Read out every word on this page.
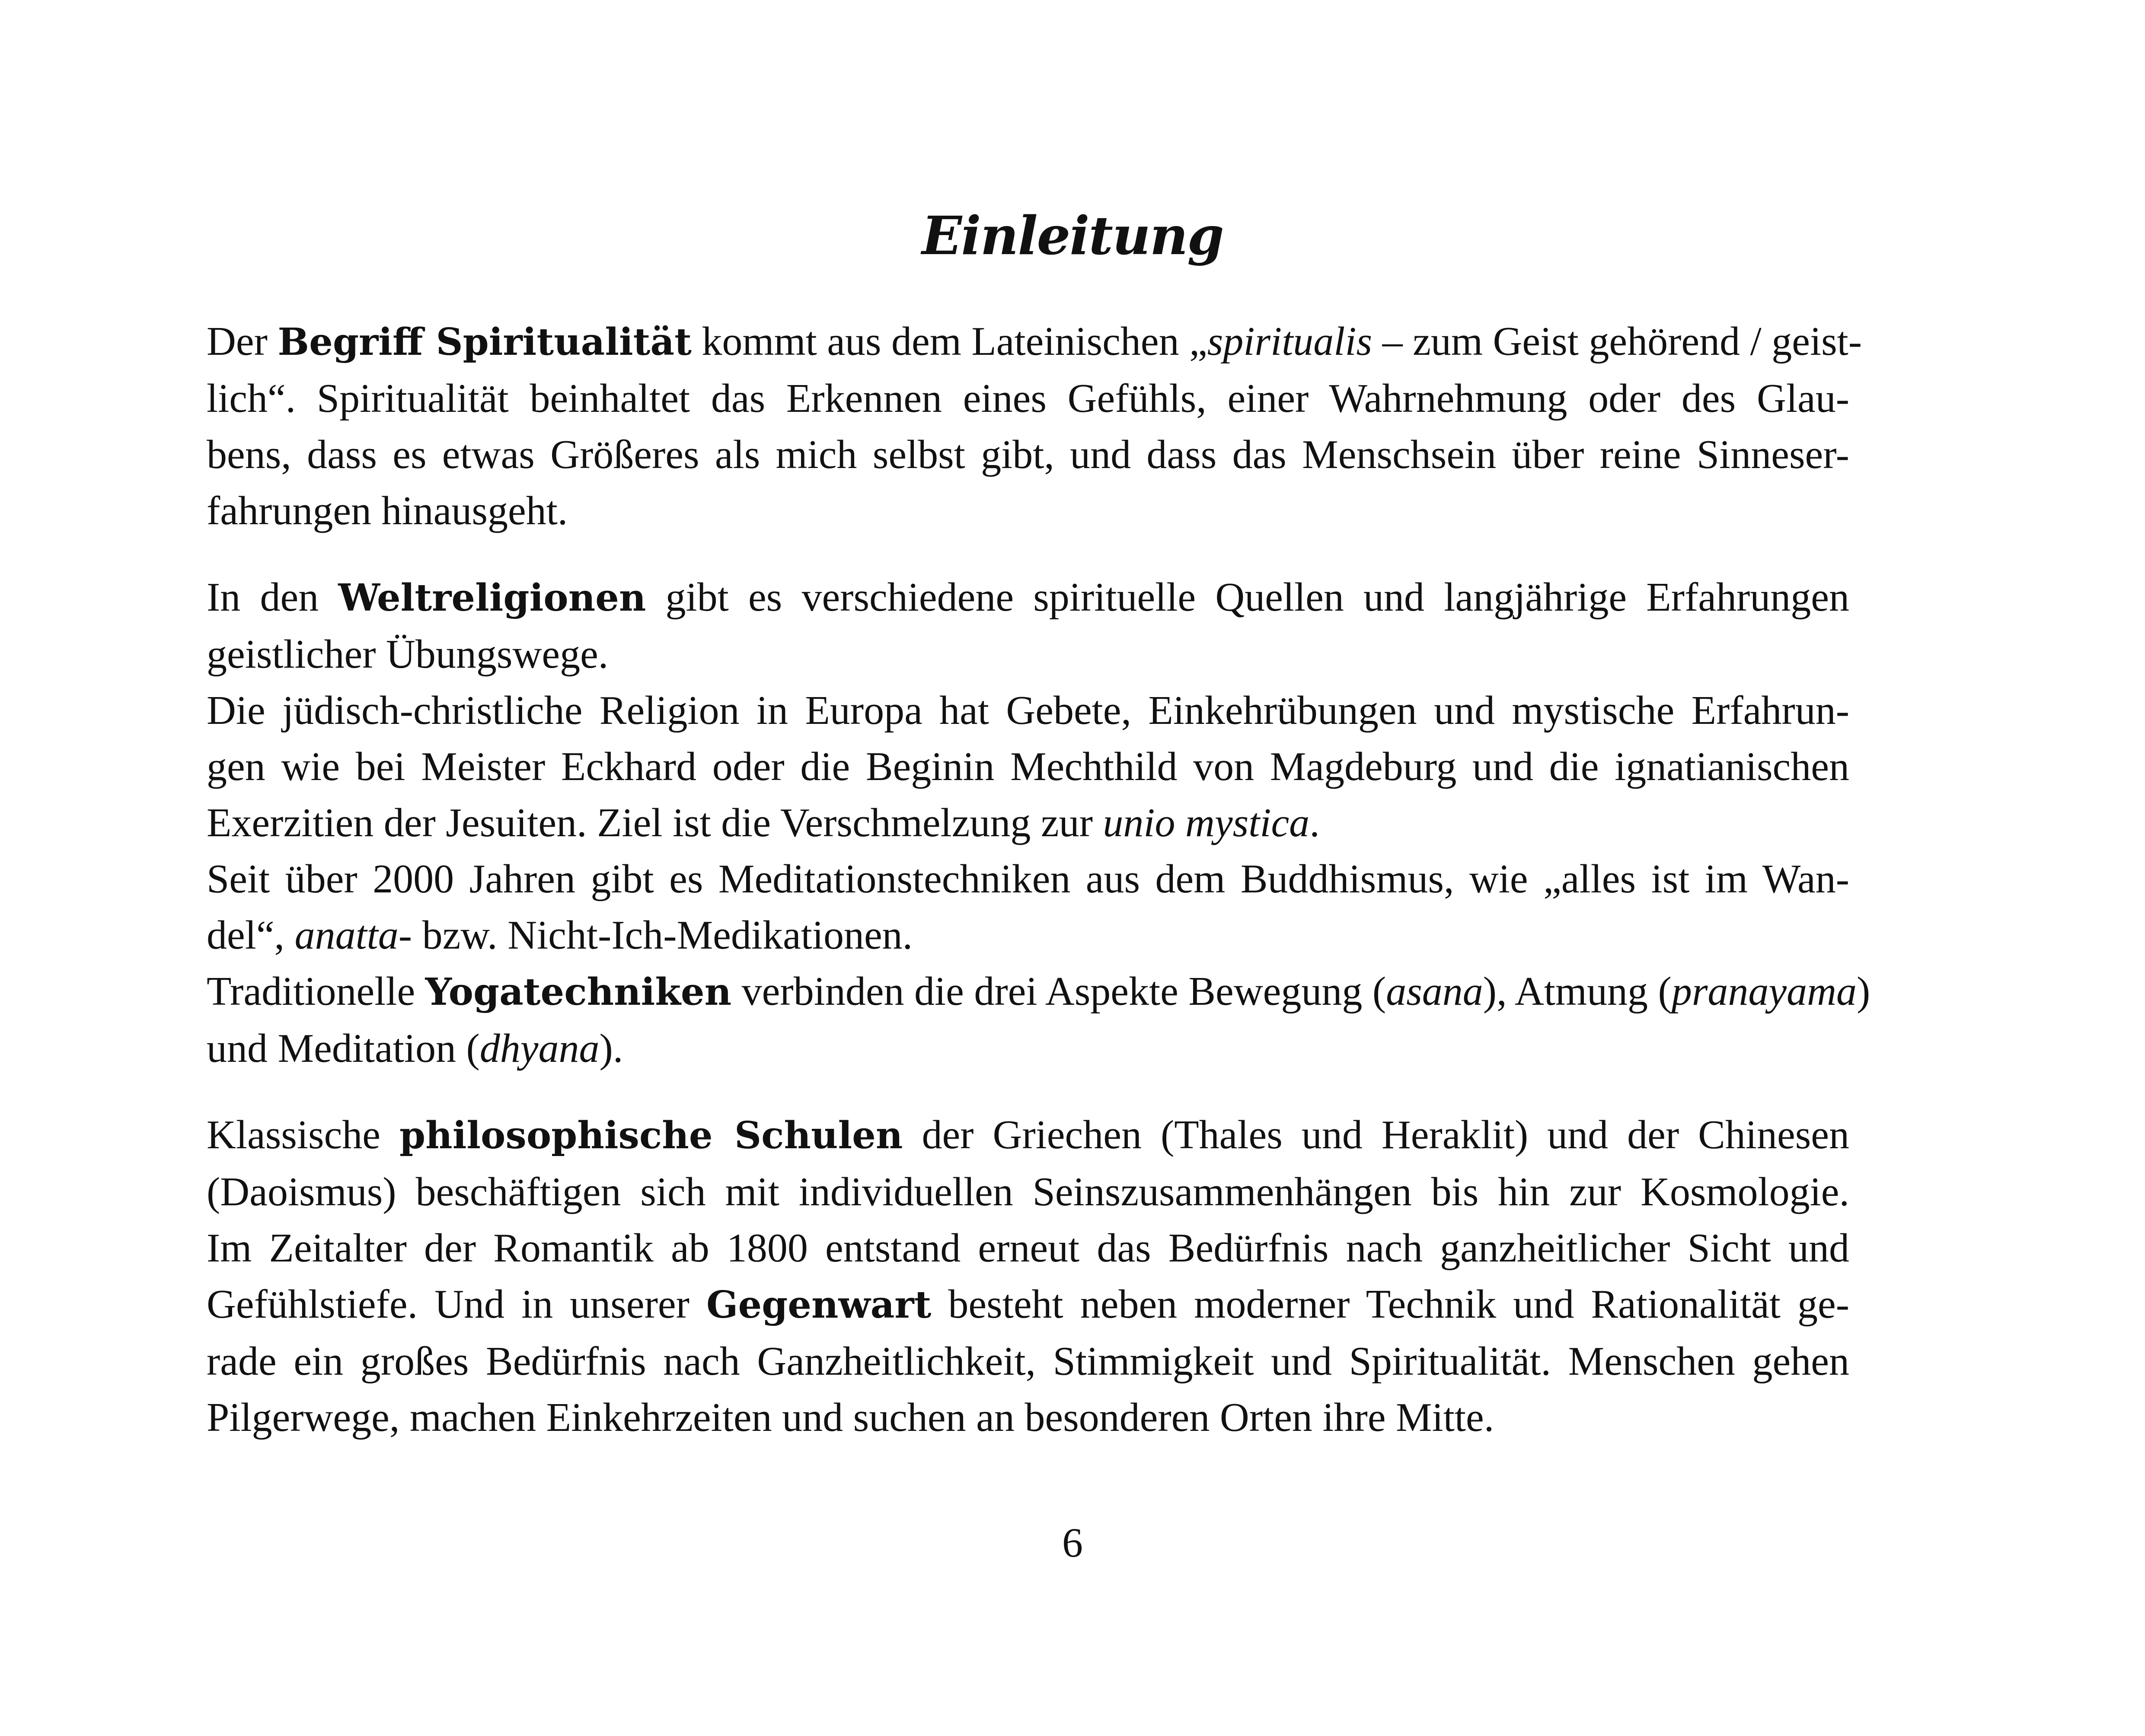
Einleitung
Der Begriff Spiritualität kommt aus dem Lateinischen „spiritualis – zum Geist gehörend / geist-
lich“. Spiritualität beinhaltet das Erkennen eines Gefühls, einer Wahrnehmung oder des Glau-
bens, dass es etwas Größeres als mich selbst gibt, und dass das Menschsein über reine Sinneser-
fahrungen hinausgeht.
In den Weltreligionen gibt es verschiedene spirituelle Quellen und langjährige Erfahrungen
geistlicher Übungswege.
Die jüdisch-christliche Religion in Europa hat Gebete, Einkehrübungen und mystische Erfahrun-
gen wie bei Meister Eckhard oder die Beginin Mechthild von Magdeburg und die ignatianischen
Exerzitien der Jesuiten. Ziel ist die Verschmelzung zur unio mystica.
Seit über 2000 Jahren gibt es Meditationstechniken aus dem Buddhismus, wie „alles ist im Wan-
del“, anatta- bzw. Nicht-Ich-Medikationen.
Traditionelle Yogatechniken verbinden die drei Aspekte Bewegung (asana), Atmung (pranayama)
und Meditation (dhyana).
Klassische philosophische Schulen der Griechen (Thales und Heraklit) und der Chinesen
(Daoismus) beschäftigen sich mit individuellen Seinszusammenhängen bis hin zur Kosmologie.
Im Zeitalter der Romantik ab 1800 entstand erneut das Bedürfnis nach ganzheitlicher Sicht und
Gefühlstiefe. Und in unserer Gegenwart besteht neben moderner Technik und Rationalität ge-
rade ein großes Bedürfnis nach Ganzheitlichkeit, Stimmigkeit und Spiritualität. Menschen gehen
Pilgerwege, machen Einkehrzeiten und suchen an besonderen Orten ihre Mitte.
6
